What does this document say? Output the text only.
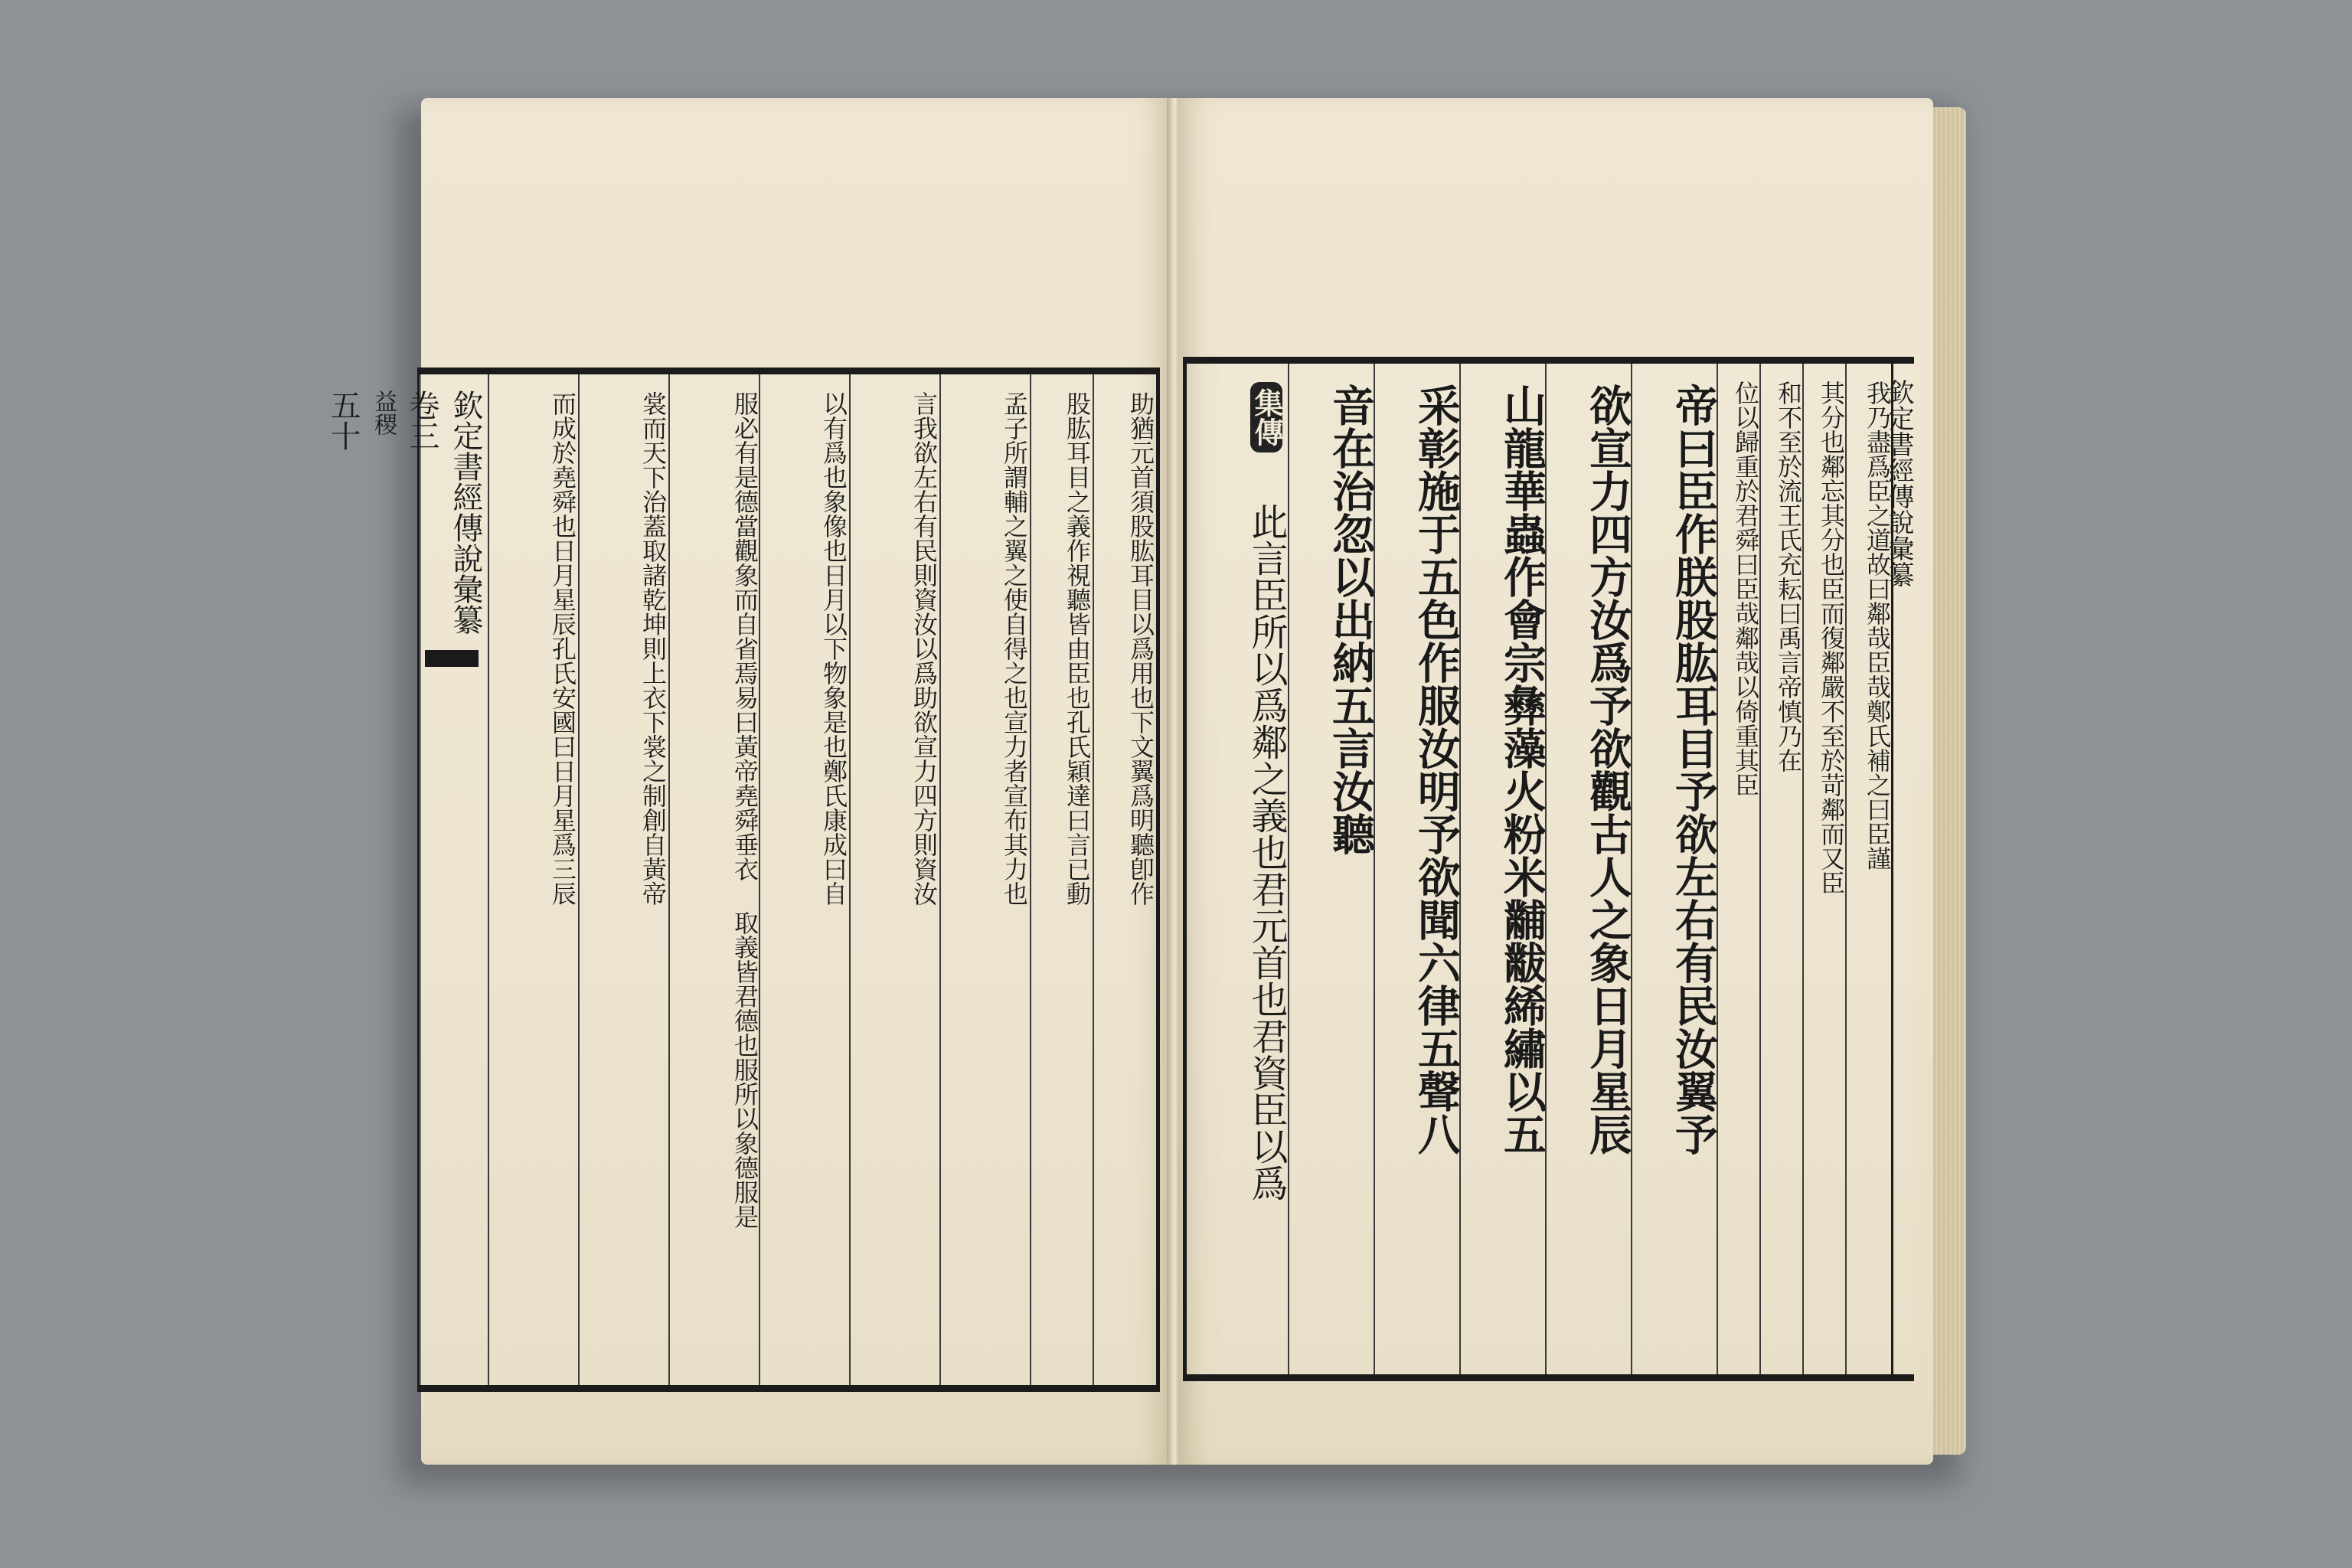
欽定書經傳說彙纂
卷三
益稷
五十	而成於堯舜也日月星辰孔氏安國曰日月星爲三辰	裳而天下治蓋取諸乾坤則上衣下裳之制創自黃帝	服必有是德當觀象而自省焉易曰黃帝堯舜垂衣 取義皆君德也服所以象德服是
以有爲也象像也日月以下物象是也鄭氏康成曰自	言我欲左右有民則資汝以爲助欲宣力四方則資汝	孟子所謂輔之翼之使自得之也宣力者宣布其力也	股肱耳目之義作視聽皆由臣也孔氏穎達曰言已動	助猶元首須股肱耳目以爲用也下文翼爲明聽卽作	集傳 此言臣所以爲鄰之義也君元首也君資臣以爲 音在治忽以出納五言汝聽 采彰施于五色作服汝明予欲聞六律五聲八 山龍華蟲作會宗彝藻火粉米黼黻絺繡以五 欲宣力四方汝爲予欲觀古人之象日月星辰 帝曰臣作朕股肱耳目予欲左右有民汝翼予 位以歸重於君舜曰臣哉鄰哉以倚重其臣 和不至於流王氏充耘曰禹言帝慎乃在 其分也鄰忘其分也臣而復鄰嚴不至於苛鄰而又臣 我乃盡爲臣之道故曰鄰哉臣哉鄭氏補之曰臣謹
欽定書經傳說彙纂
